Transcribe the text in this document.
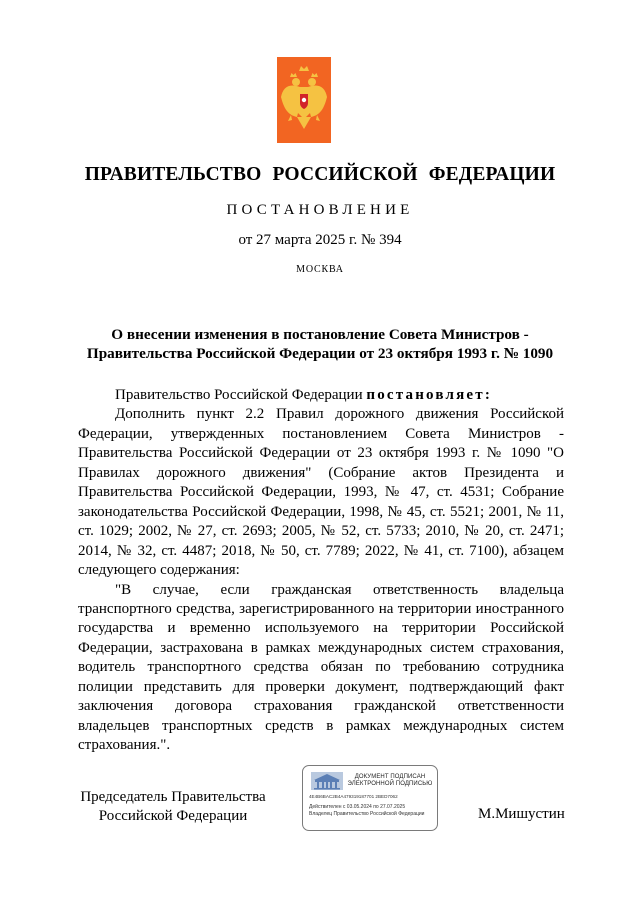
ПРАВИТЕЛЬСТВО РОССИЙСКОЙ ФЕДЕРАЦИИ
ПОСТАНОВЛЕНИЕ
от 27 марта 2025 г. № 394
МОСКВА
О внесении изменения в постановление Совета Министров - Правительства Российской Федерации от 23 октября 1993 г. № 1090

Правительство Российской Федерации постановляет:

Дополнить пункт 2.2 Правил дорожного движения Российской Федерации, утвержденных постановлением Совета Министров - Правительства Российской Федерации от 23 октября 1993 г. № 1090 "О Правилах дорожного движения" (Собрание актов Президента и Правительства Российской Федерации, 1993, № 47, ст. 4531; Собрание законодательства Российской Федерации, 1998, № 45, ст. 5521; 2001, № 11, ст. 1029; 2002, № 27, ст. 2693; 2005, № 52, ст. 5733; 2010, № 20, ст. 2471; 2014, № 32, ст. 4487; 2018, № 50, ст. 7789; 2022, № 41, ст. 7100), абзацем следующего содержания:

"В случае, если гражданская ответственность владельца транспортного средства, зарегистрированного на территории иностранного государства и временно используемого на территории Российской Федерации, застрахована в рамках международных систем страхования, водитель транспортного средства обязан по требованию сотрудника полиции представить для проверки документ, подтверждающий факт заключения договора страхования гражданской ответственности владельцев транспортных средств в рамках международных систем страхования.".

Председатель Правительства
Российской Федерации
ДОКУМЕНТ ПОДПИСАН
ЭЛЕКТРОННОЙ ПОДПИСЬЮ
4E4B6BAC2B4A479319187701 2BED7062
Действителен с 03.05.2024 по 27.07.2025
Владелец Правительство Российской Федерации	М.Мишустин
